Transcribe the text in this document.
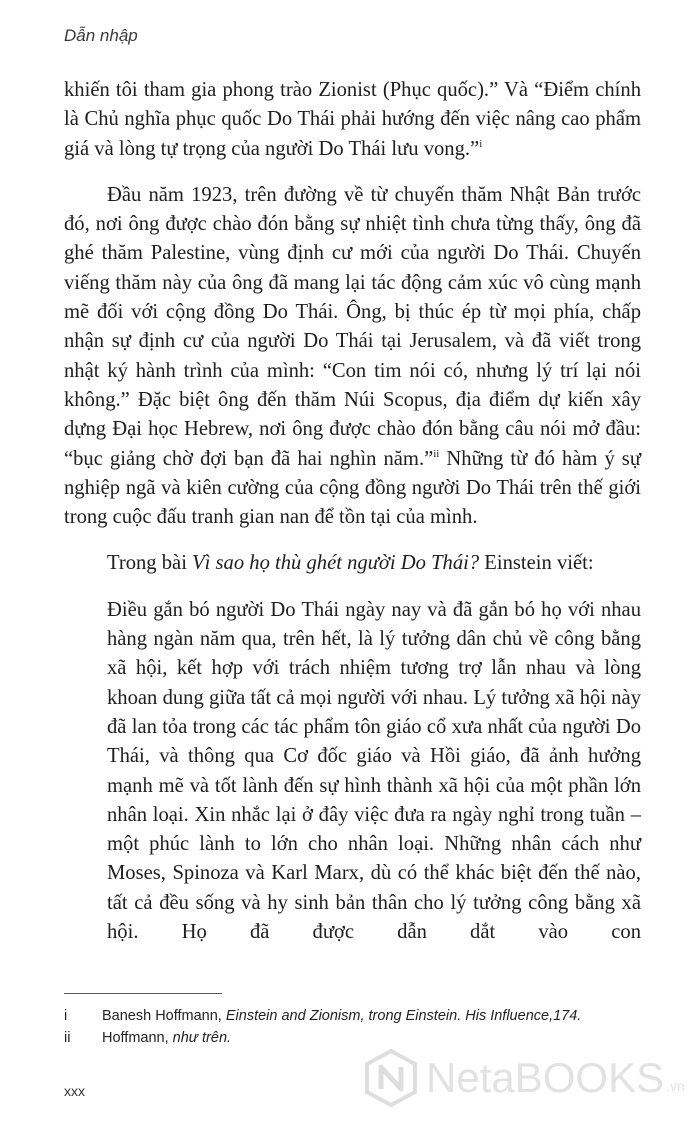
Dẫn nhập

khiến tôi tham gia phong trào Zionist (Phục quốc).” Và “Điểm chính là Chủ nghĩa phục quốc Do Thái phải hướng đến việc nâng cao phẩm giá và lòng tự trọng của người Do Thái lưu vong.”$^i$

Đầu năm 1923, trên đường về từ chuyến thăm Nhật Bản trước đó, nơi ông được chào đón bằng sự nhiệt tình chưa từng thấy, ông đã ghé thăm Palestine, vùng định cư mới của người Do Thái. Chuyến viếng thăm này của ông đã mang lại tác động cảm xúc vô cùng mạnh mẽ đối với cộng đồng Do Thái. Ông, bị thúc ép từ mọi phía, chấp nhận sự định cư của người Do Thái tại Jerusalem, và đã viết trong nhật ký hành trình của mình: “Con tim nói có, nhưng lý trí lại nói không.” Đặc biệt ông đến thăm Núi Scopus, địa điểm dự kiến xây dựng Đại học Hebrew, nơi ông được chào đón bằng câu nói mở đầu: “bục giảng chờ đợi bạn đã hai nghìn năm.”$^{ii}$ Những từ đó hàm ý sự nghiệp ngã và kiên cường của cộng đồng người Do Thái trên thế giới trong cuộc đấu tranh gian nan để tồn tại của mình.

Trong bài Vì sao họ thù ghét người Do Thái? Einstein viết:

Điều gắn bó người Do Thái ngày nay và đã gắn bó họ với nhau hàng ngàn năm qua, trên hết, là lý tưởng dân chủ về công bằng xã hội, kết hợp với trách nhiệm tương trợ lẫn nhau và lòng khoan dung giữa tất cả mọi người với nhau. Lý tưởng xã hội này đã lan tỏa trong các tác phẩm tôn giáo cổ xưa nhất của người Do Thái, và thông qua Cơ đốc giáo và Hồi giáo, đã ảnh hưởng mạnh mẽ và tốt lành đến sự hình thành xã hội của một phần lớn nhân loại. Xin nhắc lại ở đây việc đưa ra ngày nghỉ trong tuần – một phúc lành to lớn cho nhân loại. Những nhân cách như Moses, Spinoza và Karl Marx, dù có thể khác biệt đến thế nào, tất cả đều sống và hy sinh bản thân cho lý tưởng công bằng xã hội. Họ đã được dẫn dắt vào con

i	Banesh Hoffmann, Einstein and Zionism, trong Einstein. His Influence,174.
ii	Hoffmann, như trên.
xxx	NetaBOOKS .vn
